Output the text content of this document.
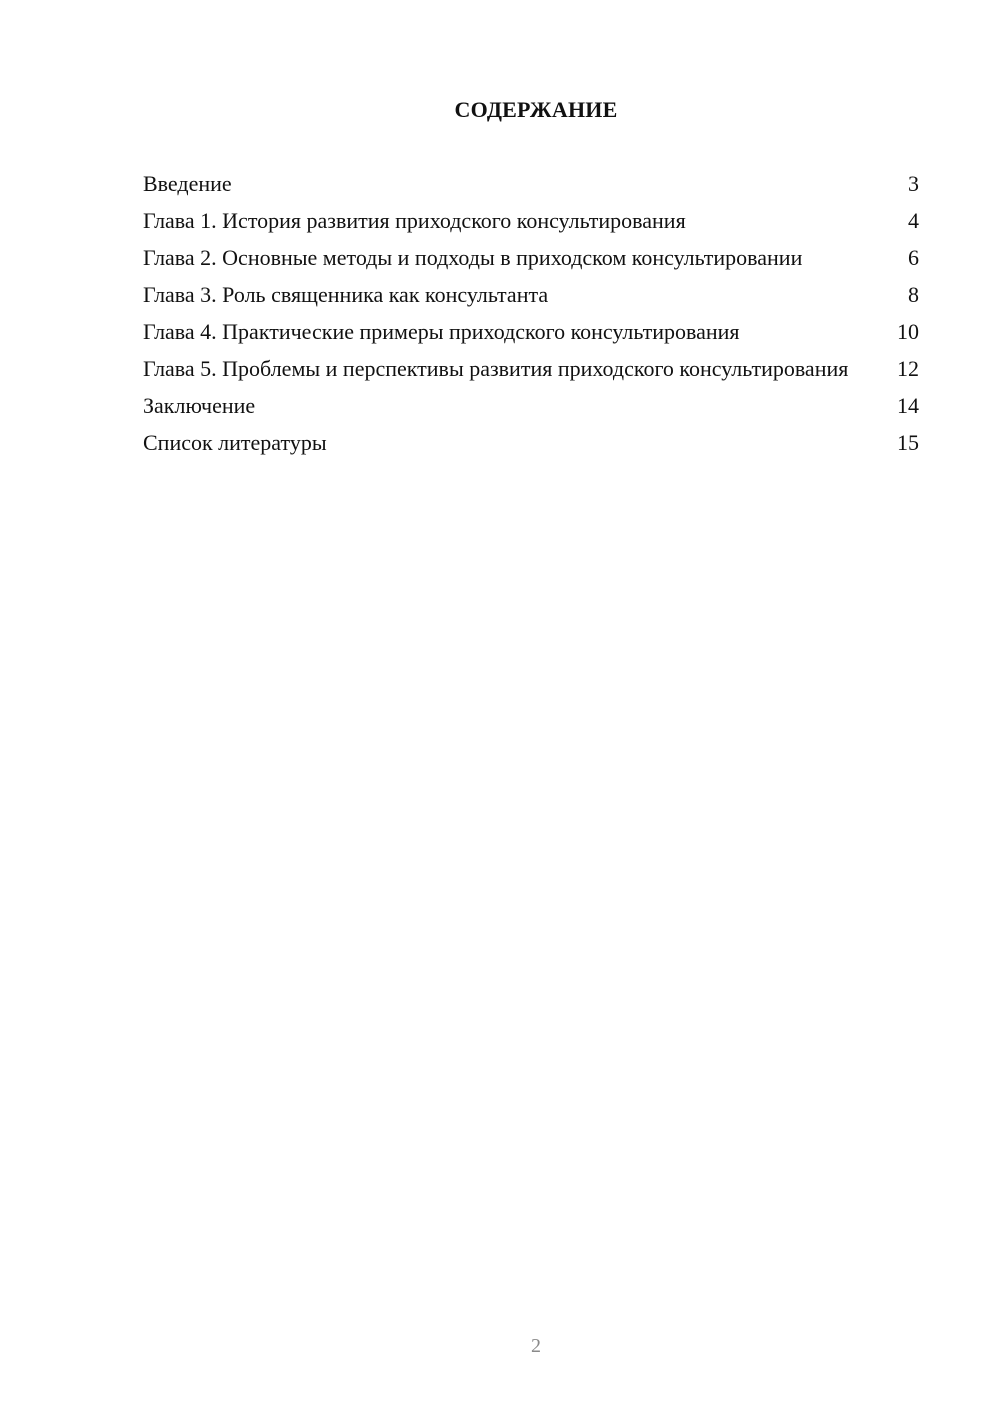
СОДЕРЖАНИЕ
Введение	3
Глава 1. История развития приходского консультирования	4
Глава 2. Основные методы и подходы в приходском консультировании	6
Глава 3. Роль священника как консультанта	8
Глава 4. Практические примеры приходского консультирования	10
Глава 5. Проблемы и перспективы развития приходского консультирования 12
Заключение	14
Список литературы	15
2
